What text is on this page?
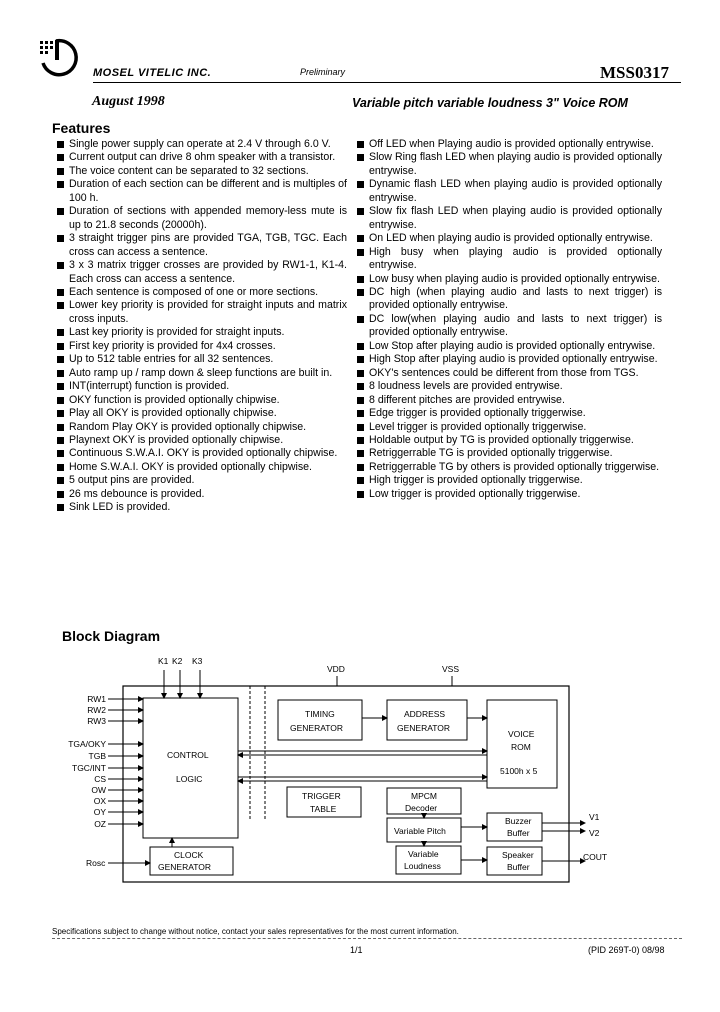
MOSEL VITELIC INC.	Preliminary	MSS0317
August 1998	Variable pitch variable loudness 3" Voice ROM
Features
Single power supply can operate at 2.4 V through 6.0 V.
Current output can drive 8 ohm speaker with a transistor.
The voice content can be separated to 32 sections.
Duration of each section can be different and is multiples of 100 h.
Duration of sections with appended memory-less mute is up to 21.8 seconds (20000h).
3 straight trigger pins are provided TGA, TGB, TGC. Each cross can access a sentence.
3 x 3 matrix trigger crosses are provided by RW1-1, K1-4. Each cross can access a sentence.
Each sentence is composed of one or more sections.
Lower key priority is provided for straight inputs and matrix cross inputs.
Last key priority is provided for straight inputs.
First key priority is provided for 4x4 crosses.
Up to 512 table entries for all 32 sentences.
Auto ramp up / ramp down & sleep functions are built in.
INT(interrupt) function is provided.
OKY function is provided optionally chipwise.
Play all OKY is provided optionally chipwise.
Random Play OKY is provided optionally chipwise.
Playnext OKY is provided optionally chipwise.
Continuous S.W.A.I. OKY is provided optionally chipwise.
Home S.W.A.I. OKY is provided optionally chipwise.
5 output pins are provided.
26 ms debounce is provided.
Sink LED is provided.
Off LED when Playing audio is provided optionally entrywise.
Slow Ring flash LED when playing audio is provided optionally entrywise.
Dynamic flash LED when playing audio is provided optionally entrywise.
Slow fix flash LED when playing audio is provided optionally entrywise.
On LED when playing audio is provided optionally entrywise.
High busy when playing audio is provided optionally entrywise.
Low busy when playing audio is provided optionally entrywise.
DC high (when playing audio and lasts to next trigger) is provided optionally entrywise.
DC low(when playing audio and lasts to next trigger) is provided optionally entrywise.
Low Stop after playing audio is provided optionally entrywise.
High Stop after playing audio is provided optionally entrywise.
OKY's sentences could be different from those from TGS.
8 loudness levels are provided entrywise.
8 different pitches are provided entrywise.
Edge trigger is provided optionally triggerwise.
Level trigger is provided optionally triggerwise.
Holdable output by TG is provided optionally triggerwise.
Retriggerrable TG is provided optionally triggerwise.
Retriggerrable TG by others is provided optionally triggerwise.
High trigger is provided optionally triggerwise.
Low trigger is provided optionally triggerwise.
Block Diagram
K1 K2 K3
VDD	VSS
CONTROL
LOGIC
RW1
RW2
RW3
TGA/OKY
TGB
TGC/INT
CS
OW
OX
OY
OZ
Rosc
TIMING
GENERATOR
ADDRESS
GENERATOR
VOICE
ROM
5100h x 5
TRIGGER
TABLE
MPCM
Decoder
Variable Pitch
Variable
Loudness
CLOCK
GENERATOR
Buzzer
Buffer
Speaker
Buffer
V1
V2
COUT
Specifications subject to change without notice, contact your sales representatives for the most current information.
1/1	(PID 269T-0) 08/98
